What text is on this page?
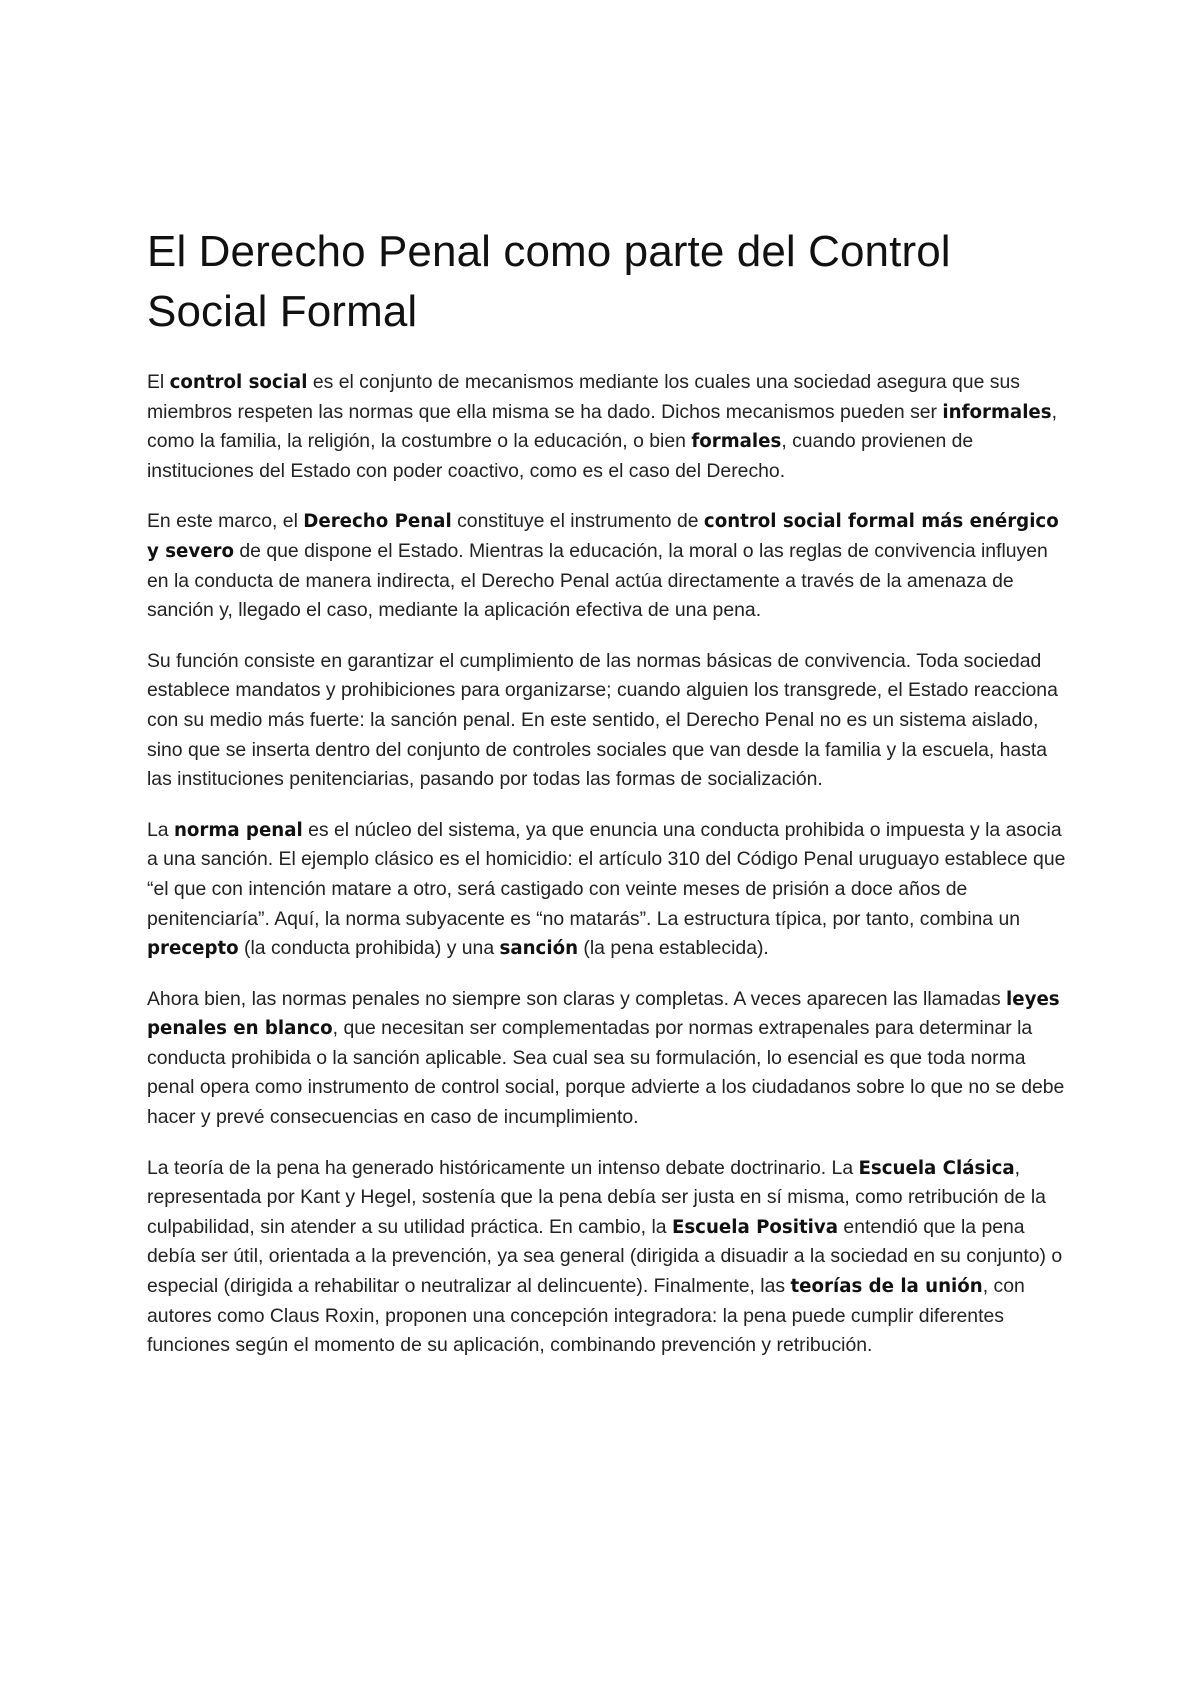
El Derecho Penal como parte del Control Social Formal

El control social es el conjunto de mecanismos mediante los cuales una sociedad asegura que sus miembros respeten las normas que ella misma se ha dado. Dichos mecanismos pueden ser informales, como la familia, la religión, la costumbre o la educación, o bien formales, cuando provienen de instituciones del Estado con poder coactivo, como es el caso del Derecho.

En este marco, el Derecho Penal constituye el instrumento de control social formal más enérgico y severo de que dispone el Estado. Mientras la educación, la moral o las reglas de convivencia influyen en la conducta de manera indirecta, el Derecho Penal actúa directamente a través de la amenaza de sanción y, llegado el caso, mediante la aplicación efectiva de una pena.

Su función consiste en garantizar el cumplimiento de las normas básicas de convivencia. Toda sociedad establece mandatos y prohibiciones para organizarse; cuando alguien los transgrede, el Estado reacciona con su medio más fuerte: la sanción penal. En este sentido, el Derecho Penal no es un sistema aislado, sino que se inserta dentro del conjunto de controles sociales que van desde la familia y la escuela, hasta las instituciones penitenciarias, pasando por todas las formas de socialización.

La norma penal es el núcleo del sistema, ya que enuncia una conducta prohibida o impuesta y la asocia a una sanción. El ejemplo clásico es el homicidio: el artículo 310 del Código Penal uruguayo establece que “el que con intención matare a otro, será castigado con veinte meses de prisión a doce años de penitenciaría”. Aquí, la norma subyacente es “no matarás”. La estructura típica, por tanto, combina un precepto (la conducta prohibida) y una sanción (la pena establecida).

Ahora bien, las normas penales no siempre son claras y completas. A veces aparecen las llamadas leyes penales en blanco, que necesitan ser complementadas por normas extrapenales para determinar la conducta prohibida o la sanción aplicable. Sea cual sea su formulación, lo esencial es que toda norma penal opera como instrumento de control social, porque advierte a los ciudadanos sobre lo que no se debe hacer y prevé consecuencias en caso de incumplimiento.

La teoría de la pena ha generado históricamente un intenso debate doctrinario. La Escuela Clásica, representada por Kant y Hegel, sostenía que la pena debía ser justa en sí misma, como retribución de la culpabilidad, sin atender a su utilidad práctica. En cambio, la Escuela Positiva entendió que la pena debía ser útil, orientada a la prevención, ya sea general (dirigida a disuadir a la sociedad en su conjunto) o especial (dirigida a rehabilitar o neutralizar al delincuente). Finalmente, las teorías de la unión, con autores como Claus Roxin, proponen una concepción integradora: la pena puede cumplir diferentes funciones según el momento de su aplicación, combinando prevención y retribución.
